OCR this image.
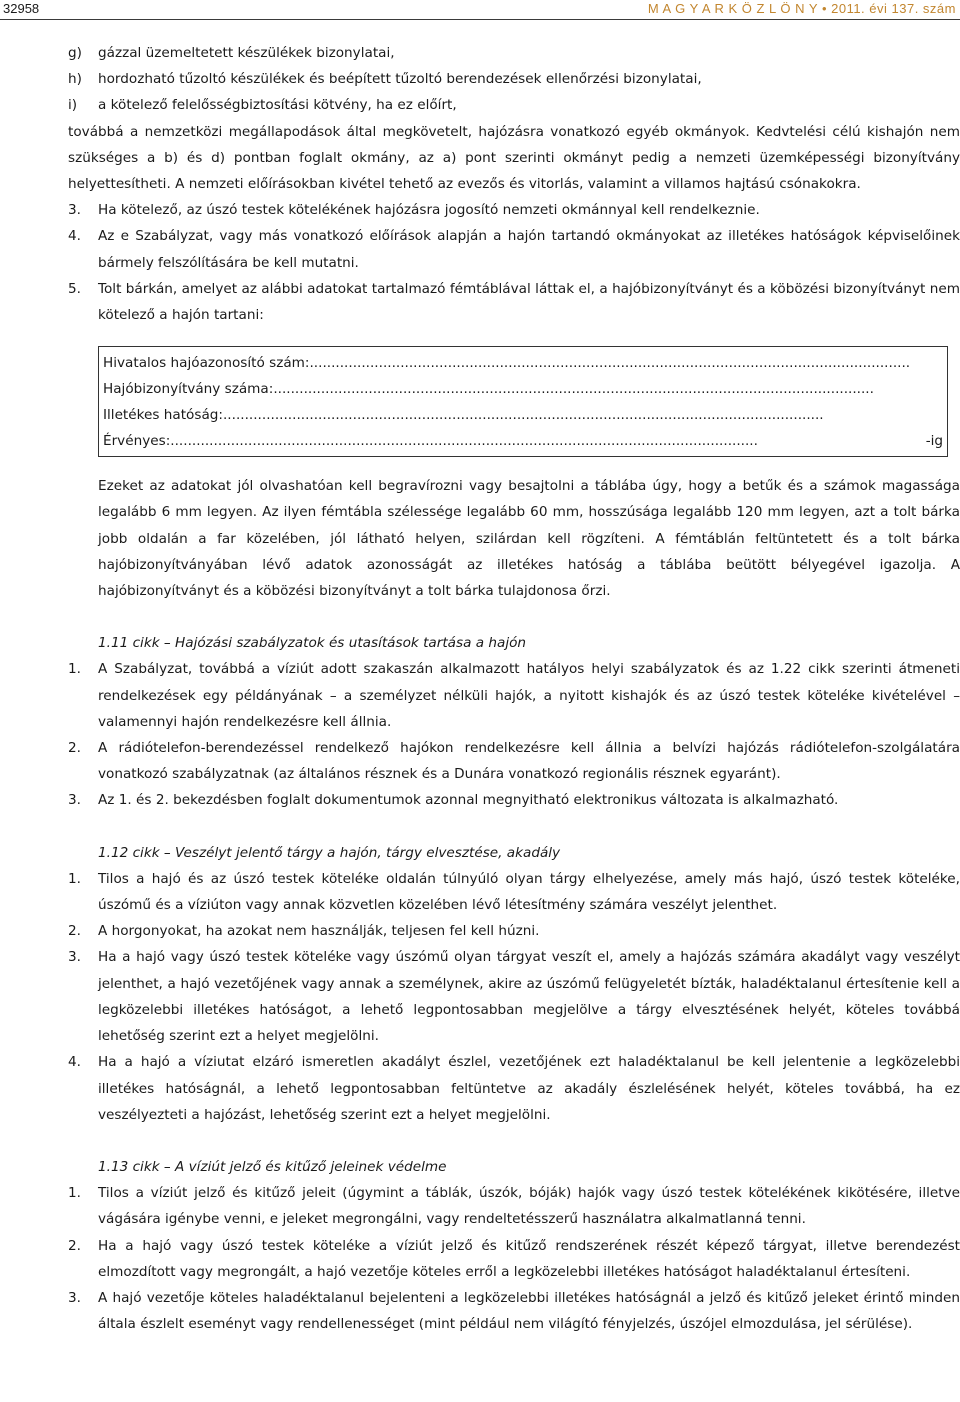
32958	M A G Y A R K Ö Z L Ö N Y • 2011. évi 137. szám
g)	gázzal üzemeltetett készülékek bizonylatai,
h)	hordozható tűzoltó készülékek és beépített tűzoltó berendezések ellenőrzési bizonylatai,
i)	a kötelező felelősségbiztosítási kötvény, ha ez előírt,
továbbá a nemzetközi megállapodások által megkövetelt, hajózásra vonatkozó egyéb okmányok. Kedvtelési célú kishajón nem szükséges a b) és d) pontban foglalt okmány, az a) pont szerinti okmányt pedig a nemzeti üzemképességi bizonyítvány helyettesítheti. A nemzeti előírásokban kivétel tehető az evezős és vitorlás, valamint a villamos hajtású csónakokra.
3.	Ha kötelező, az úszó testek kötelékének hajózásra jogosító nemzeti okmánnyal kell rendelkeznie.
4.	Az e Szabályzat, vagy más vonatkozó előírások alapján a hajón tartandó okmányokat az illetékes hatóságok képviselőinek bármely felszólítására be kell mutatni.
5.	Tolt bárkán, amelyet az alábbi adatokat tartalmazó fémtáblával láttak el, a hajóbizonyítványt és a köbözési bizonyítványt nem kötelező a hajón tartani:
Hivatalos hajóazonosító szám:...........................................................................................................................................
Hajóbizonyítvány száma:...........................................................................................................................................
Illetékes hatóság:...........................................................................................................................................
Érvényes: ........................................................................................................................................	-ig
Ezeket az adatokat jól olvashatóan kell begravírozni vagy besajtolni a táblába úgy, hogy a betűk és a számok magassága legalább 6 mm legyen. Az ilyen fémtábla szélessége legalább 60 mm, hosszúsága legalább 120 mm legyen, azt a tolt bárka jobb oldalán a far közelében, jól látható helyen, szilárdan kell rögzíteni. A fémtáblán feltüntetett és a tolt bárka hajóbizonyítványában lévő adatok azonosságát az illetékes hatóság a táblába beütött bélyegével igazolja. A hajóbizonyítványt és a köbözési bizonyítványt a tolt bárka tulajdonosa őrzi.
1.11 cikk – Hajózási szabályzatok és utasítások tartása a hajón
1.	A Szabályzat, továbbá a víziút adott szakaszán alkalmazott hatályos helyi szabályzatok és az 1.22 cikk szerinti átmeneti rendelkezések egy példányának – a személyzet nélküli hajók, a nyitott kishajók és az úszó testek köteléke kivételével – valamennyi hajón rendelkezésre kell állnia.
2.	A rádiótelefon-berendezéssel rendelkező hajókon rendelkezésre kell állnia a belvízi hajózás rádiótelefon-szolgálatára vonatkozó szabályzatnak (az általános résznek és a Dunára vonatkozó regionális résznek egyaránt).
3.	Az 1. és 2. bekezdésben foglalt dokumentumok azonnal megnyitható elektronikus változata is alkalmazható.
1.12 cikk – Veszélyt jelentő tárgy a hajón, tárgy elvesztése, akadály
1.	Tilos a hajó és az úszó testek köteléke oldalán túlnyúló olyan tárgy elhelyezése, amely más hajó, úszó testek köteléke, úszómű és a víziúton vagy annak közvetlen közelében lévő létesítmény számára veszélyt jelenthet.
2.	A horgonyokat, ha azokat nem használják, teljesen fel kell húzni.
3.	Ha a hajó vagy úszó testek köteléke vagy úszómű olyan tárgyat veszít el, amely a hajózás számára akadályt vagy veszélyt jelenthet, a hajó vezetőjének vagy annak a személynek, akire az úszómű felügyeletét bízták, haladéktalanul értesítenie kell a legközelebbi illetékes hatóságot, a lehető legpontosabban megjelölve a tárgy elvesztésének helyét, köteles továbbá lehetőség szerint ezt a helyet megjelölni.
4.	Ha a hajó a víziutat elzáró ismeretlen akadályt észlel, vezetőjének ezt haladéktalanul be kell jelentenie a legközelebbi illetékes hatóságnál, a lehető legpontosabban feltüntetve az akadály észlelésének helyét, köteles továbbá, ha ez veszélyezteti a hajózást, lehetőség szerint ezt a helyet megjelölni.
1.13 cikk – A víziút jelző és kitűző jeleinek védelme
1.	Tilos a víziút jelző és kitűző jeleit (úgymint a táblák, úszók, bóják) hajók vagy úszó testek kötelékének kikötésére, illetve vágására igénybe venni, e jeleket megrongálni, vagy rendeltetésszerű használatra alkalmatlanná tenni.
2.	Ha a hajó vagy úszó testek köteléke a víziút jelző és kitűző rendszerének részét képező tárgyat, illetve berendezést elmozdított vagy megrongált, a hajó vezetője köteles erről a legközelebbi illetékes hatóságot haladéktalanul értesíteni.
3.	A hajó vezetője köteles haladéktalanul bejelenteni a legközelebbi illetékes hatóságnál a jelző és kitűző jeleket érintő minden általa észlelt eseményt vagy rendellenességet (mint például nem világító fényjelzés, úszójel elmozdulása, jel sérülése).
